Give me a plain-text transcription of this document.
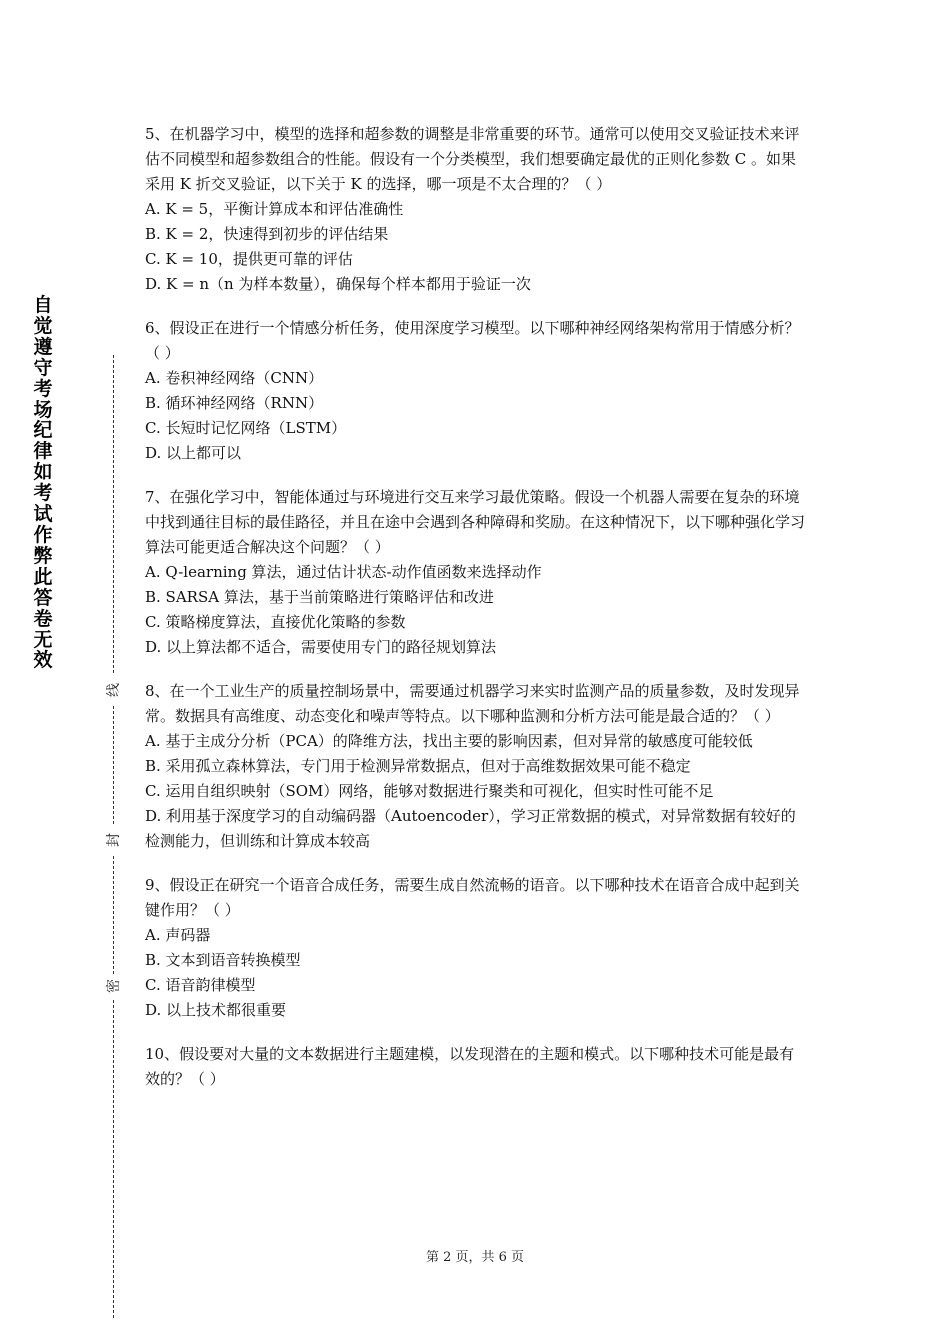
自觉遵守考场纪律如考试作弊此答卷无效
线
封
密

5、在机器学习中，模型的选择和超参数的调整是非常重要的环节。通常可以使用交叉验证技术来评估不同模型和超参数组合的性能。假设有一个分类模型，我们想要确定最优的正则化参数 C 。如果采用 K 折交叉验证，以下关于 K 的选择，哪一项是不太合理的？（ ）

A. K = 5，平衡计算成本和评估准确性

B. K = 2，快速得到初步的评估结果

C. K = 10，提供更可靠的评估

D. K = n（n 为样本数量），确保每个样本都用于验证一次

6、假设正在进行一个情感分析任务，使用深度学习模型。以下哪种神经网络架构常用于情感分析？（ ）

A. 卷积神经网络（CNN）

B. 循环神经网络（RNN）

C. 长短时记忆网络（LSTM）

D. 以上都可以

7、在强化学习中，智能体通过与环境进行交互来学习最优策略。假设一个机器人需要在复杂的环境中找到通往目标的最佳路径，并且在途中会遇到各种障碍和奖励。在这种情况下，以下哪种强化学习算法可能更适合解决这个问题？（ ）

A. Q-learning 算法，通过估计状态-动作值函数来选择动作

B. SARSA 算法，基于当前策略进行策略评估和改进

C. 策略梯度算法，直接优化策略的参数

D. 以上算法都不适合，需要使用专门的路径规划算法

8、在一个工业生产的质量控制场景中，需要通过机器学习来实时监测产品的质量参数，及时发现异常。数据具有高维度、动态变化和噪声等特点。以下哪种监测和分析方法可能是最合适的？（ ）

A. 基于主成分分析（PCA）的降维方法，找出主要的影响因素，但对异常的敏感度可能较低

B. 采用孤立森林算法，专门用于检测异常数据点，但对于高维数据效果可能不稳定

C. 运用自组织映射（SOM）网络，能够对数据进行聚类和可视化，但实时性可能不足

D. 利用基于深度学习的自动编码器（Autoencoder），学习正常数据的模式，对异常数据有较好的检测能力，但训练和计算成本较高

9、假设正在研究一个语音合成任务，需要生成自然流畅的语音。以下哪种技术在语音合成中起到关键作用？（ ）

A. 声码器

B. 文本到语音转换模型

C. 语音韵律模型

D. 以上技术都很重要

10、假设要对大量的文本数据进行主题建模，以发现潜在的主题和模式。以下哪种技术可能是最有效的？（ ）

第 2 页，共 6 页
